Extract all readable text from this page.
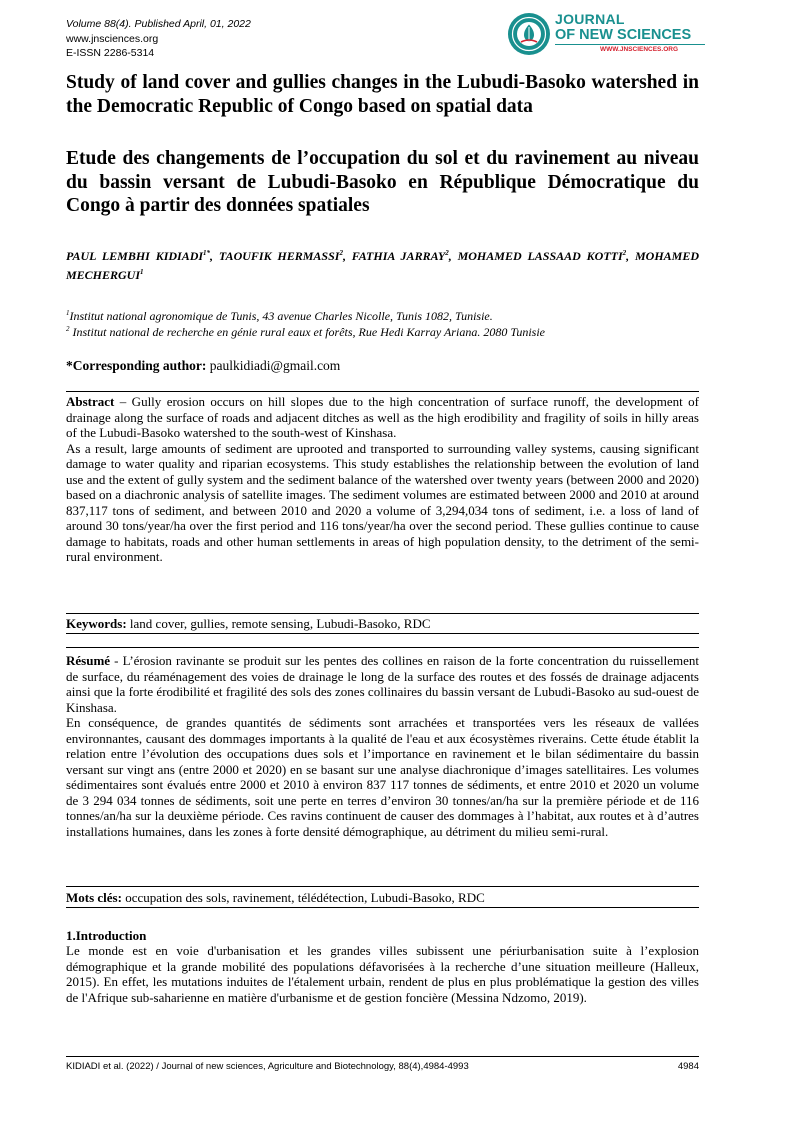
Volume 88(4). Published April, 01, 2022
www.jnsciences.org
E-ISSN 2286-5314
JOURNAL
OF NEW SCIENCES
WWW.JNSCIENCES.ORG
Study of land cover and gullies changes in the Lubudi-Basoko watershed in the Democratic Republic of Congo based on spatial data
Etude des changements de l’occupation du sol et du ravinement au niveau du bassin versant de Lubudi-Basoko en République Démocratique du Congo à partir des données spatiales
PAUL LEMBHI $KIDIADI^{1*}$, TAOUFIK HERMASSI$^2$, FATHIA JARRAY$^2$, MOHAMED LASSAAD KOTTI$^2$, MOHAMED MECHERGUI$^1$

$^1$Institut national agronomique de Tunis, 43 avenue Charles Nicolle, Tunis 1082, Tunisie.

$^2$ Institut national de recherche en génie rural eaux et forêts, Rue Hedi Karray Ariana. 2080 Tunisie

*Corresponding author: paulkidiadi@gmail.com

Abstract – Gully erosion occurs on hill slopes due to the high concentration of surface runoff, the development of drainage along the surface of roads and adjacent ditches as well as the high erodibility and fragility of soils in hilly areas of the Lubudi-Basoko watershed to the south-west of Kinshasa.

As a result, large amounts of sediment are uprooted and transported to surrounding valley systems, causing significant damage to water quality and riparian ecosystems. This study establishes the relationship between the evolution of land use and the extent of gully system and the sediment balance of the watershed over twenty years (between 2000 and 2020) based on a diachronic analysis of satellite images. The sediment volumes are estimated between 2000 and 2010 at around 837,117 tons of sediment, and between 2010 and 2020 a volume of 3,294,034 tons of sediment, i.e. a loss of land of around 30 tons/year/ha over the first period and 116 tons/year/ha over the second period. These gullies continue to cause damage to habitats, roads and other human settlements in areas of high population density, to the detriment of the semi-rural environment.

Keywords: land cover, gullies, remote sensing, Lubudi-Basoko, RDC

Résumé - L’érosion ravinante se produit sur les pentes des collines en raison de la forte concentration du ruissellement de surface, du réaménagement des voies de drainage le long de la surface des routes et des fossés de drainage adjacents ainsi que la forte érodibilité et fragilité des sols des zones collinaires du bassin versant de Lubudi-Basoko au sud-ouest de Kinshasa.

En conséquence, de grandes quantités de sédiments sont arrachées et transportées vers les réseaux de vallées environnantes, causant des dommages importants à la qualité de l'eau et aux écosystèmes riverains. Cette étude établit la relation entre l’évolution des occupations dues sols et l’importance en ravinement et le bilan sédimentaire du bassin versant sur vingt ans (entre 2000 et 2020) en se basant sur une analyse diachronique d’images satellitaires. Les volumes sédimentaires sont évalués entre 2000 et 2010 à environ 837 117 tonnes de sédiments, et entre 2010 et 2020 un volume de 3 294 034 tonnes de sédiments, soit une perte en terres d’environ 30 tonnes/an/ha sur la première période et de 116 tonnes/an/ha sur la deuxième période. Ces ravins continuent de causer des dommages à l’habitat, aux routes et à d’autres installations humaines, dans les zones à forte densité démographique, au détriment du milieu semi-rural.

Mots clés: occupation des sols, ravinement, télédétection, Lubudi-Basoko, RDC
1.Introduction

Le monde est en voie d'urbanisation et les grandes villes subissent une périurbanisation suite à l’explosion démographique et la grande mobilité des populations défavorisées à la recherche d’une situation meilleure (Halleux, 2015). En effet, les mutations induites de l'étalement urbain, rendent de plus en plus problématique la gestion des villes de l'Afrique sub-saharienne en matière d'urbanisme et de gestion foncière (Messina Ndzomo, 2019).

KIDIADI et al. (2022) / Journal of new sciences, Agriculture and Biotechnology, 88(4),4984-4993	4984
